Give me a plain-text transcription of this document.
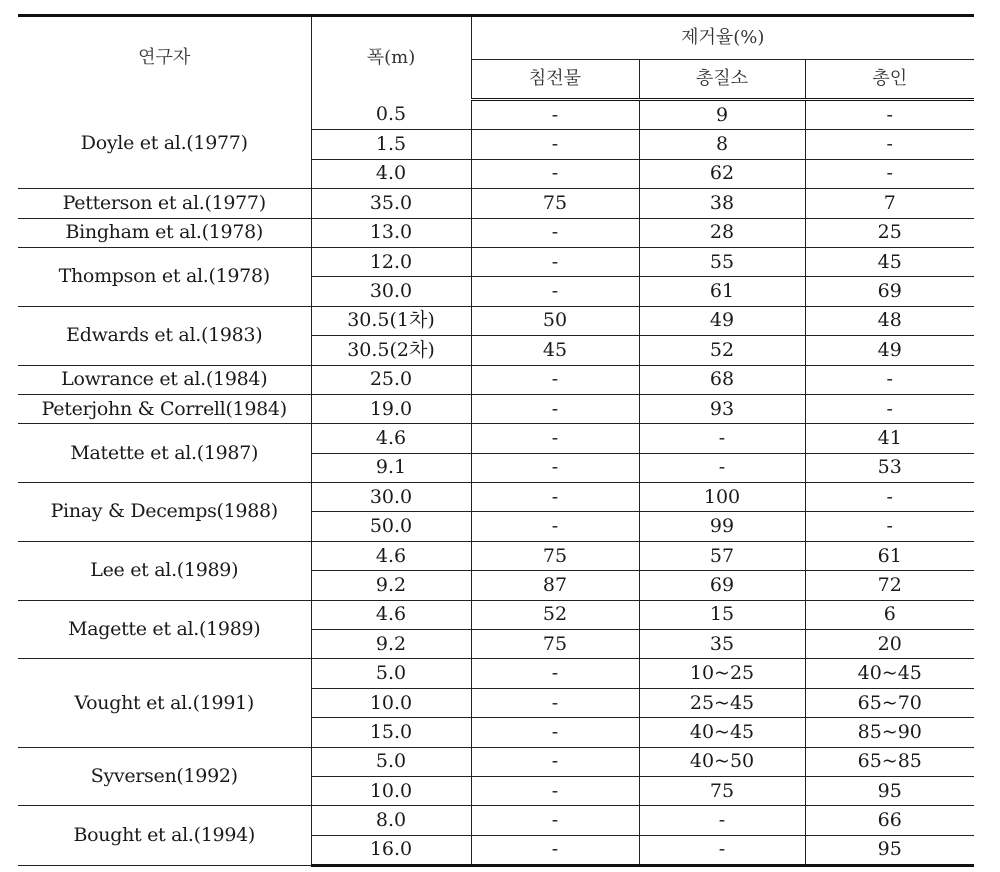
연구자	폭(m)	제거율(%)		
		침전물	총질소	총인
Doyle et al.(1977)	0.5	-	9	-
	1.5	-	8	-
	4.0	-	62	-
Petterson et al.(1977)	35.0	75	38	7
Bingham et al.(1978)	13.0	-	28	25
Thompson et al.(1978)	12.0	-	55	45
	30.0	-	61	69
Edwards et al.(1983)	30.5(1차)	50	49	48
	30.5(2차)	45	52	49
Lowrance et al.(1984)	25.0	-	68	-
Peterjohn & Correll(1984)	19.0	-	93	-
Matette et al.(1987)	4.6	-	-	41
	9.1	-	-	53
Pinay & Decemps(1988)	30.0	-	100	-
	50.0	-	99	-
Lee et al.(1989)	4.6	75	57	61
	9.2	87	69	72
Magette et al.(1989)	4.6	52	15	6
	9.2	75	35	20
Vought et al.(1991)	5.0	-	10~25	40~45
	10.0	-	25~45	65~70
	15.0	-	40~45	85~90
Syversen(1992)	5.0	-	40~50	65~85
	10.0	-	75	95
Bought et al.(1994)	8.0	-	-	66
	16.0	-	-	95
